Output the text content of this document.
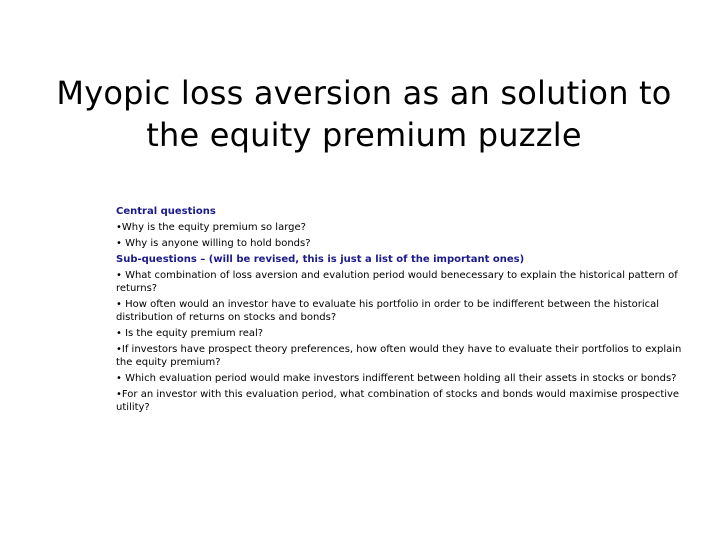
Myopic loss aversion as an solution to the equity premium puzzle

Central questions

•Why is the equity premium so large?

• Why is anyone willing to hold bonds?

Sub-questions – (will be revised, this is just a list of the important ones)

• What combination of loss aversion and evalution period would benecessary to explain the historical pattern of returns?

• How often would an investor have to evaluate his portfolio in order to be indifferent between the historical distribution of returns on stocks and bonds?

• Is the equity premium real?

•If investors have prospect theory preferences, how often would they have to evaluate their portfolios to explain the equity premium?

• Which evaluation period would make investors indifferent between holding all their assets in stocks or bonds?

•For an investor with this evaluation period, what combination of stocks and bonds would maximise prospective utility?
